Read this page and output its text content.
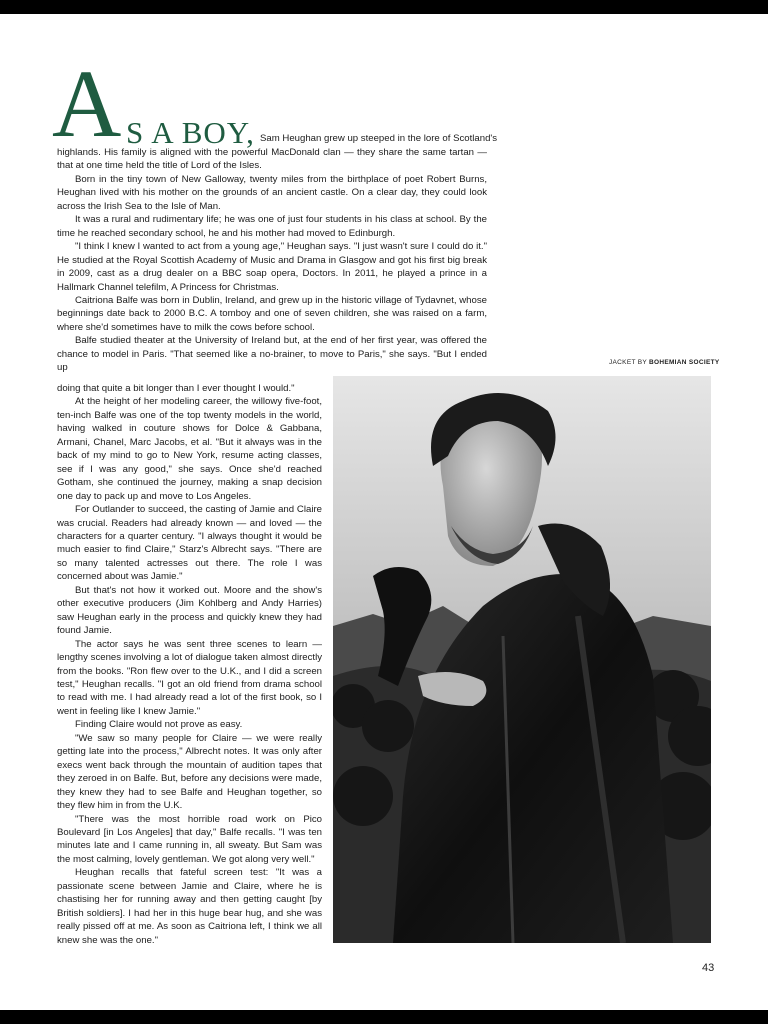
A S A BOY, Sam Heughan grew up steeped in the lore of Scotland's

highlands. His family is aligned with the powerful MacDonald clan — they share the same tartan — that at one time held the title of Lord of the Isles.

Born in the tiny town of New Galloway, twenty miles from the birthplace of poet Robert Burns, Heughan lived with his mother on the grounds of an ancient castle. On a clear day, they could look across the Irish Sea to the Isle of Man.

It was a rural and rudimentary life; he was one of just four students in his class at school. By the time he reached secondary school, he and his mother had moved to Edinburgh.

"I think I knew I wanted to act from a young age," Heughan says. "I just wasn't sure I could do it." He studied at the Royal Scottish Academy of Music and Drama in Glasgow and got his first big break in 2009, cast as a drug dealer on a BBC soap opera, Doctors. In 2011, he played a prince in a Hallmark Channel telefilm, A Princess for Christmas.

Caitriona Balfe was born in Dublin, Ireland, and grew up in the historic village of Tydavnet, whose beginnings date back to 2000 B.C. A tomboy and one of seven children, she was raised on a farm, where she'd sometimes have to milk the cows before school.

Balfe studied theater at the University of Ireland but, at the end of her first year, was offered the chance to model in Paris. "That seemed like a no-brainer, to move to Paris," she says. "But I ended up

doing that quite a bit longer than I ever thought I would."

At the height of her modeling career, the willowy five-foot, ten-inch Balfe was one of the top twenty models in the world, having walked in couture shows for Dolce & Gabbana, Armani, Chanel, Marc Jacobs, et al. "But it always was in the back of my mind to go to New York, resume acting classes, see if I was any good," she says. Once she'd reached Gotham, she continued the journey, making a snap decision one day to pack up and move to Los Angeles.

For Outlander to succeed, the casting of Jamie and Claire was crucial. Readers had already known — and loved — the characters for a quarter century. "I always thought it would be much easier to find Claire," Starz's Albrecht says. "There are so many talented actresses out there. The role I was concerned about was Jamie."

But that's not how it worked out. Moore and the show's other executive producers (Jim Kohlberg and Andy Harries) saw Heughan early in the process and quickly knew they had found Jamie.

The actor says he was sent three scenes to learn — lengthy scenes involving a lot of dialogue taken almost directly from the books. "Ron flew over to the U.K., and I did a screen test," Heughan recalls. "I got an old friend from drama school to read with me. I had already read a lot of the first book, so I went in feeling like I knew Jamie."

Finding Claire would not prove as easy.

"We saw so many people for Claire — we were really getting late into the process," Albrecht notes. It was only after execs went back through the mountain of audition tapes that they zeroed in on Balfe. But, before any decisions were made, they knew they had to see Balfe and Heughan together, so they flew him in from the U.K.

"There was the most horrible road work on Pico Boulevard [in Los Angeles] that day," Balfe recalls. "I was ten minutes late and I came running in, all sweaty. But Sam was the most calming, lovely gentleman. We got along very well."

Heughan recalls that fateful screen test: "It was a passionate scene between Jamie and Claire, where he is chastising her for running away and then getting caught [by British soldiers]. I had her in this huge bear hug, and she was really pissed off at me. As soon as Caitriona left, I think we all knew she was the one."

JACKET BY BOHEMIAN SOCIETY
43
